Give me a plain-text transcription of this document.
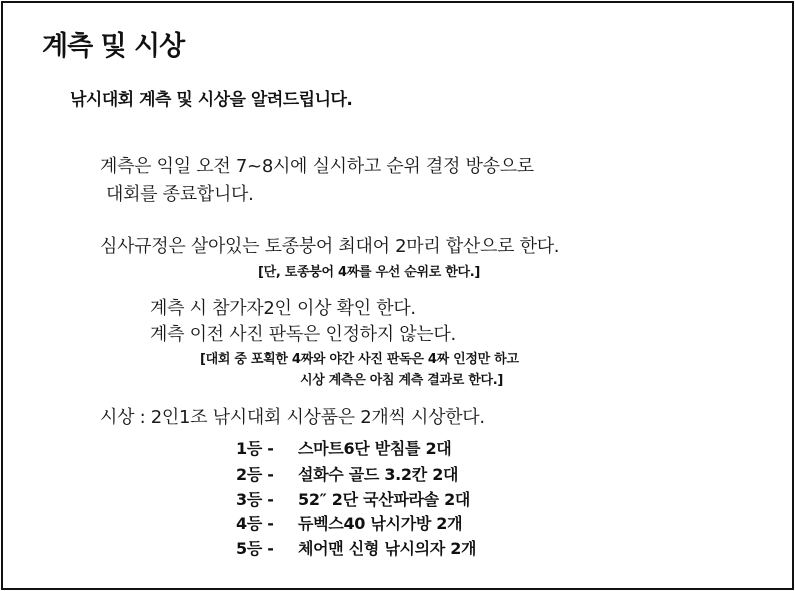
계측 및 시상
낚시대회 계측 및 시상을 알려드립니다.
계측은 익일 오전 7~8시에 실시하고 순위 결정 방송으로
대회를 종료합니다.
심사규정은 살아있는 토종붕어 최대어 2마리 합산으로 한다.
[단, 토종붕어 4짜를 우선 순위로 한다.]
계측 시 참가자2인 이상 확인 한다.
계측 이전 사진 판독은 인정하지 않는다.
[대회 중 포획한 4짜와 야간 사진 판독은 4짜 인정만 하고
시상 계측은 아침 계측 결과로 한다.]
시상 : 2인1조 낚시대회 시상품은 2개씩 시상한다.
1등 - 스마트6단 받침틀 2대
2등 - 설화수 골드 3.2칸 2대
3등 - 52″ 2단 국산파라솔 2대
4등 - 듀벡스40 낚시가방 2개
5등 - 체어맨 신형 낚시의자 2개
